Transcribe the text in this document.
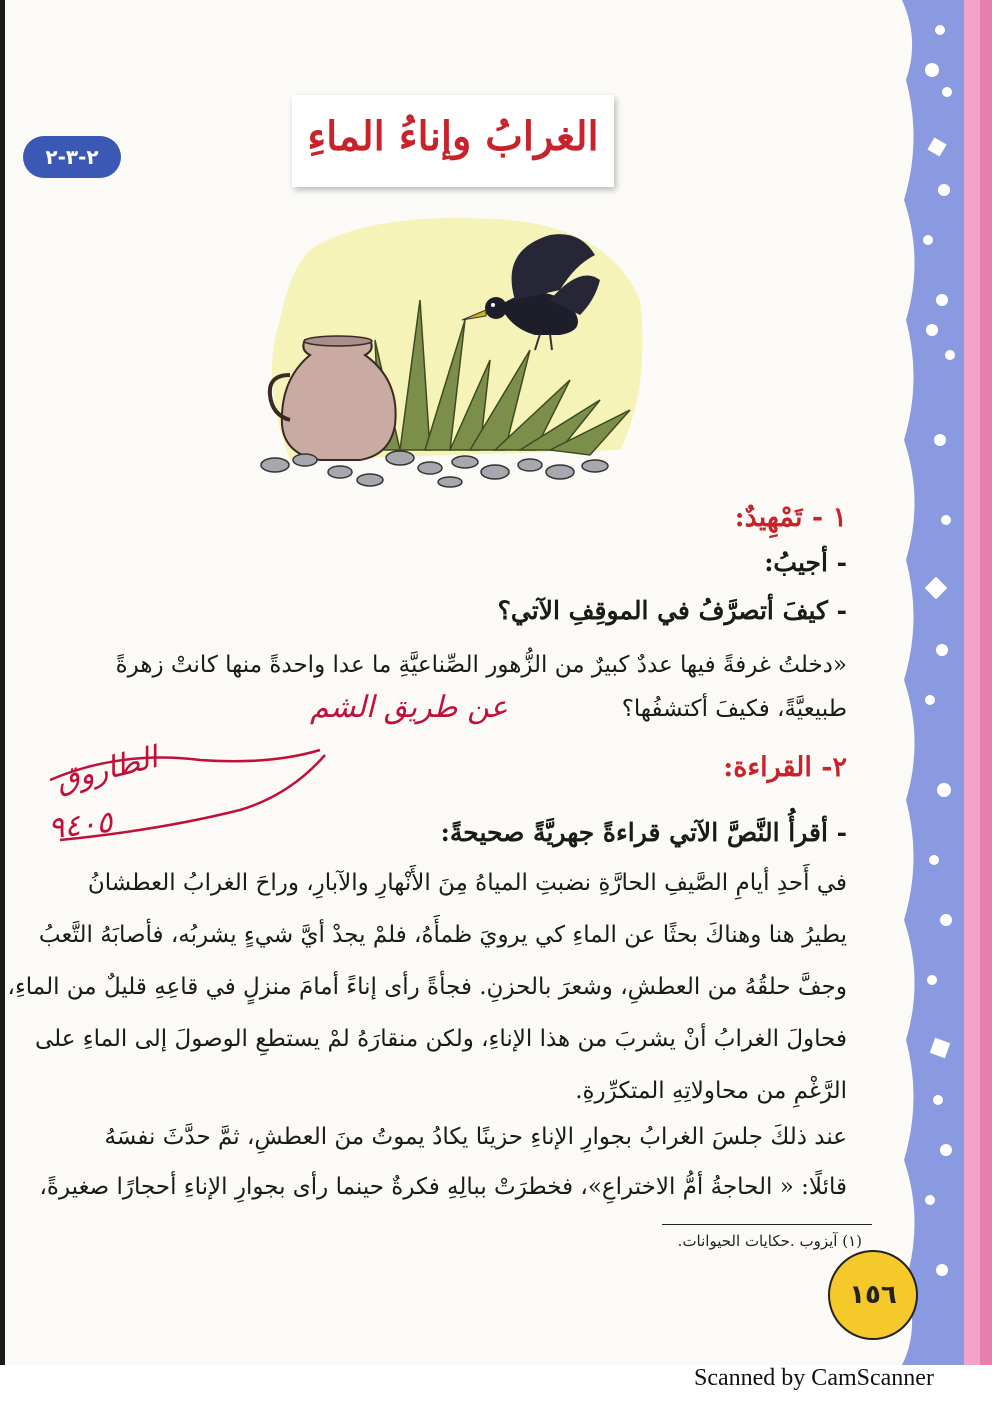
الغرابُ وإناءُ الماءِ
٢-٣-٢
١ - تَمْهِيدٌ:
- أجيبُ:
- كيفَ أتصرَّفُ في الموقِفِ الآتي؟
«دخلتُ غرفةً فيها عددٌ كبيرٌ من الزُّهور الصِّناعيَّةِ ما عدا واحدةً منها كانتْ زهرةً
طبيعيَّةً، فكيفَ أكتشفُها؟
عن طريق الشم
الطاروق
٩٤٠٥
٢- القراءة:
- أقرأُ النَّصَّ الآتي قراءةً جهريَّةً صحيحةً:
في أَحدِ أيامِ الصَّيفِ الحارَّةِ نضبتِ المياهُ مِنَ الأَنْهارِ والآبارِ، وراحَ الغرابُ العطشانُ
يطيرُ هنا وهناكَ بحثًا عن الماءِ كي يرويَ ظمأَهُ، فلمْ يجدْ أيَّ شيءٍ يشربُه، فأصابَهُ التَّعبُ
وجفَّ حلقُهُ من العطشِ، وشعرَ بالحزنِ. فجأةً رأى إناءً أمامَ منزلٍ في قاعِهِ قليلٌ من الماءِ،
فحاولَ الغرابُ أنْ يشربَ من هذا الإناءِ، ولكن منقارَهُ لمْ يستطعِ الوصولَ إلى الماءِ على
الرَّغْمِ من محاولاتِهِ المتكرِّرةِ.
عند ذلكَ جلسَ الغرابُ بجوارِ الإناءِ حزينًا يكادُ يموتُ منَ العطشِ، ثمَّ حدَّثَ نفسَهُ
قائلًا: « الحاجةُ أمُّ الاختراعِ»، فخطرَتْ ببالِهِ فكرةٌ حينما رأى بجوارِ الإناءِ أحجارًا صغيرةً،
(١) آيزوب .حكايات الحيوانات.
١٥٦
Scanned by CamScanner
